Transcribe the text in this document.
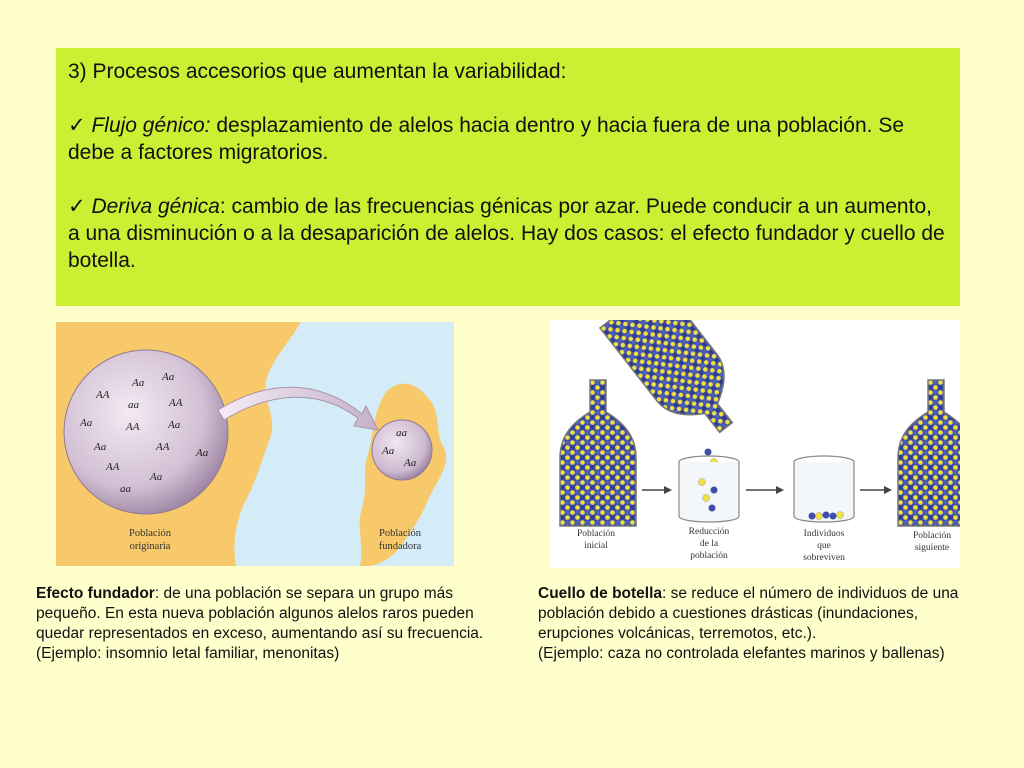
3) Procesos accesorios que aumentan la variabilidad:

✓ Flujo génico: desplazamiento de alelos hacia dentro y hacia fuera de una población. Se debe a factores migratorios.

✓ Deriva génica: cambio de las frecuencias génicas por azar. Puede conducir a un aumento, a una disminución o a la desaparición de alelos. Hay dos casos: el efecto fundador y cuello de botella.

Aa Aa
AA
aa	AA
Aa	AA	Aa
Aa	AA Aa
AA
Aa
aa
aa
Aa
Aa
Población
originaria
Población
fundadora
Población
inicial
Reducción
de la
población
Individuos
que
sobreviven
Población
siguiente
Efecto fundador: de una población se separa un grupo más pequeño. En esta nueva población algunos alelos raros pueden quedar representados en exceso, aumentando así su frecuencia.
(Ejemplo: insomnio letal familiar, menonitas)
Cuello de botella: se reduce el número de individuos de una población debido a cuestiones drásticas (inundaciones, erupciones volcánicas, terremotos, etc.).
(Ejemplo: caza no controlada elefantes marinos y ballenas)
